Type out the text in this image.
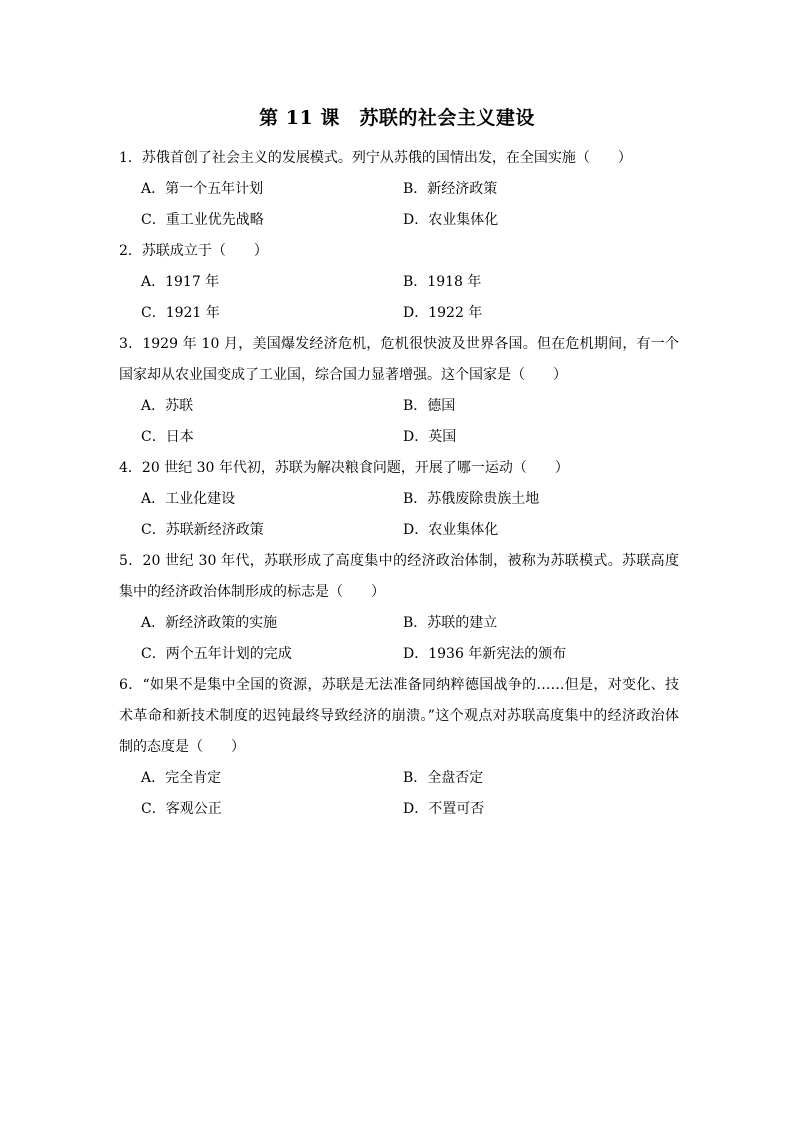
第 11 课　苏联的社会主义建设

1．苏俄首创了社会主义的发展模式。列宁从苏俄的国情出发，在全国实施（　　）

A．第一个五年计划	B．新经济政策
C．重工业优先战略	D．农业集体化

2．苏联成立于（　　）

A．1917 年	B．1918 年
C．1921 年	D．1922 年

3．1929 年 10 月，美国爆发经济危机，危机很快波及世界各国。但在危机期间，有一个国家却从农业国变成了工业国，综合国力显著增强。这个国家是（　　）

A．苏联	B．德国
C．日本	D．英国

4．20 世纪 30 年代初，苏联为解决粮食问题，开展了哪一运动（　　）

A．工业化建设	B．苏俄废除贵族土地
C．苏联新经济政策	D．农业集体化

5．20 世纪 30 年代，苏联形成了高度集中的经济政治体制，被称为苏联模式。苏联高度集中的经济政治体制形成的标志是（　　）

A．新经济政策的实施	B．苏联的建立
C．两个五年计划的完成	D．1936 年新宪法的颁布

6．“如果不是集中全国的资源，苏联是无法准备同纳粹德国战争的……但是，对变化、技术革命和新技术制度的迟钝最终导致经济的崩溃。”这个观点对苏联高度集中的经济政治体制的态度是（　　）

A．完全肯定	B．全盘否定
C．客观公正	D．不置可否
